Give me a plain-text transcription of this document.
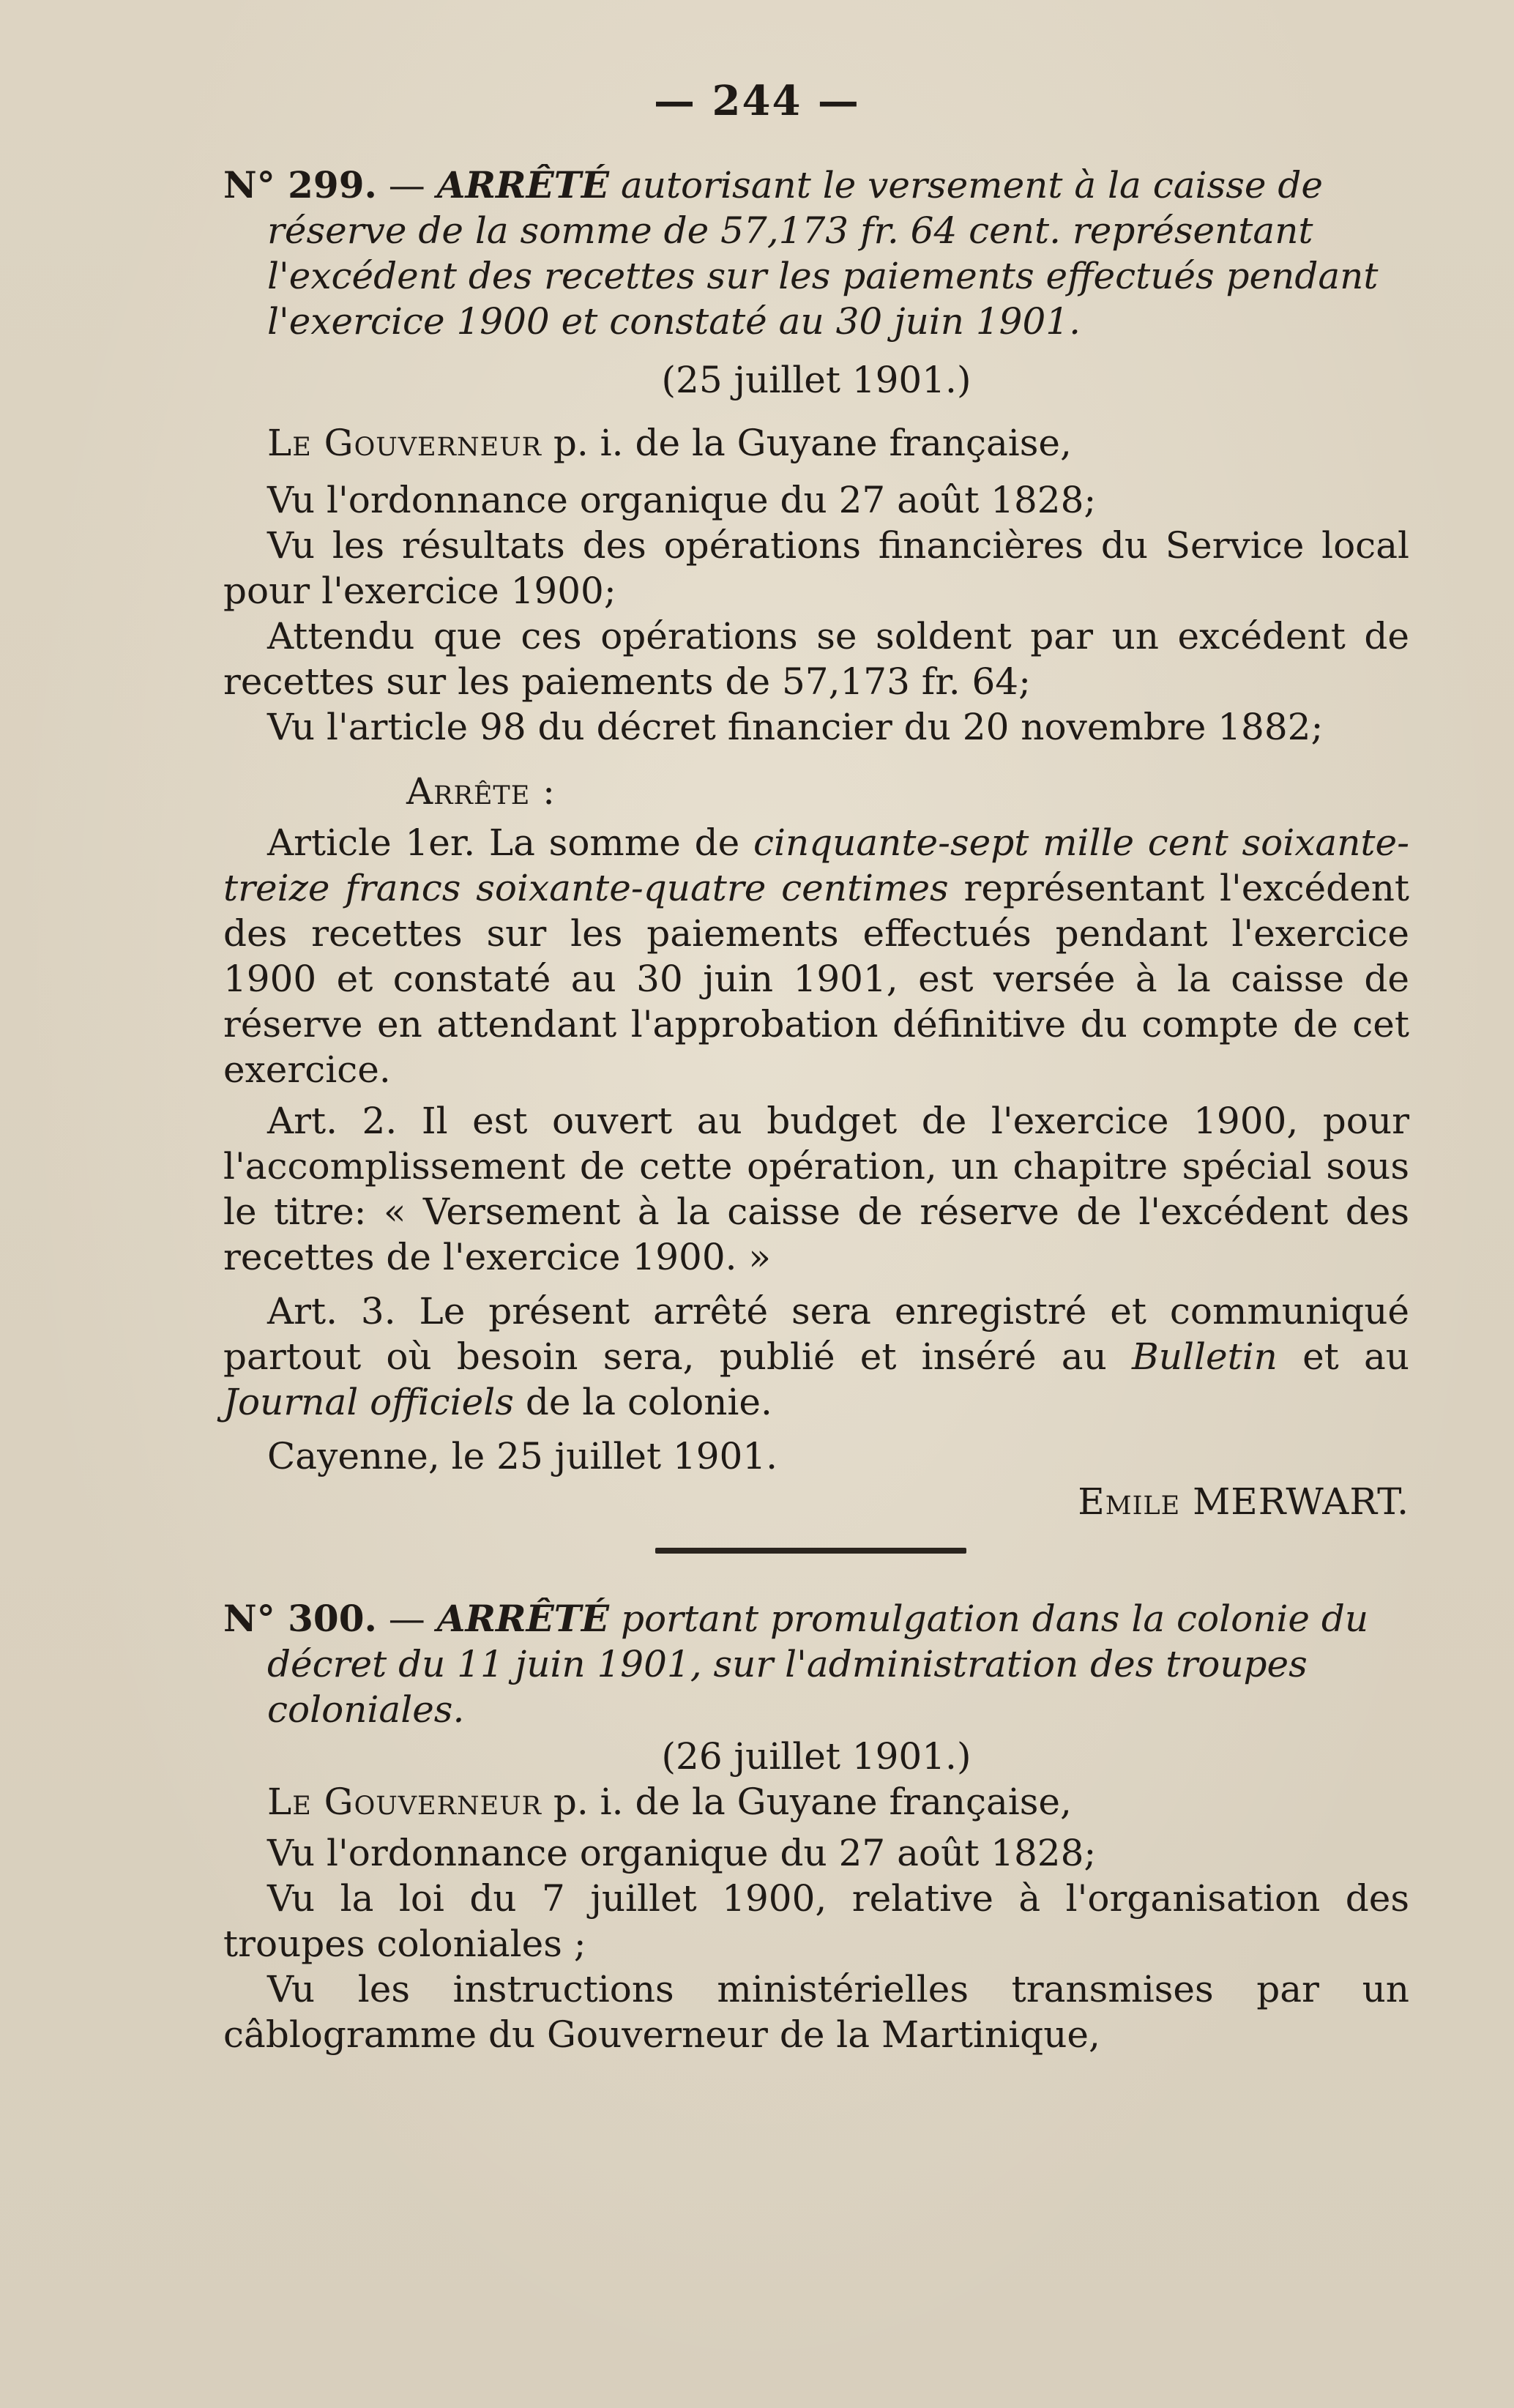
— 244 —
N° 299. — ARRÊTÉ autorisant le versement à la caisse de réserve de la somme de 57,173 fr. 64 cent. représentant l'excédent des recettes sur les paiements effectués pendant l'exercice 1900 et constaté au 30 juin 1901.
(25 juillet 1901.)
Le Gouverneur p. i. de la Guyane française,
Vu l'ordonnance organique du 27 août 1828;
Vu les résultats des opérations financières du Service local pour l'exercice 1900;
Attendu que ces opérations se soldent par un excédent de recettes sur les paiements de 57,173 fr. 64;
Vu l'article 98 du décret financier du 20 novembre 1882;
Arrête :
Article 1er. La somme de cinquante-sept mille cent soixante-treize francs soixante-quatre centimes représentant l'excédent des recettes sur les paiements effectués pendant l'exercice 1900 et constaté au 30 juin 1901, est versée à la caisse de réserve en attendant l'approbation définitive du compte de cet exercice.
Art. 2. Il est ouvert au budget de l'exercice 1900, pour l'accomplissement de cette opération, un chapitre spécial sous le titre: « Versement à la caisse de réserve de l'excédent des recettes de l'exercice 1900. »
Art. 3. Le présent arrêté sera enregistré et communiqué partout où besoin sera, publié et inséré au Bulletin et au Journal officiels de la colonie.
Cayenne, le 25 juillet 1901.
Emile MERWART.
N° 300. — ARRÊTÉ portant promulgation dans la colonie du décret du 11 juin 1901, sur l'administration des troupes coloniales.
(26 juillet 1901.)
Le Gouverneur p. i. de la Guyane française,
Vu l'ordonnance organique du 27 août 1828;
Vu la loi du 7 juillet 1900, relative à l'organisation des troupes coloniales ;
Vu les instructions ministérielles transmises par un câblogramme du Gouverneur de la Martinique,
